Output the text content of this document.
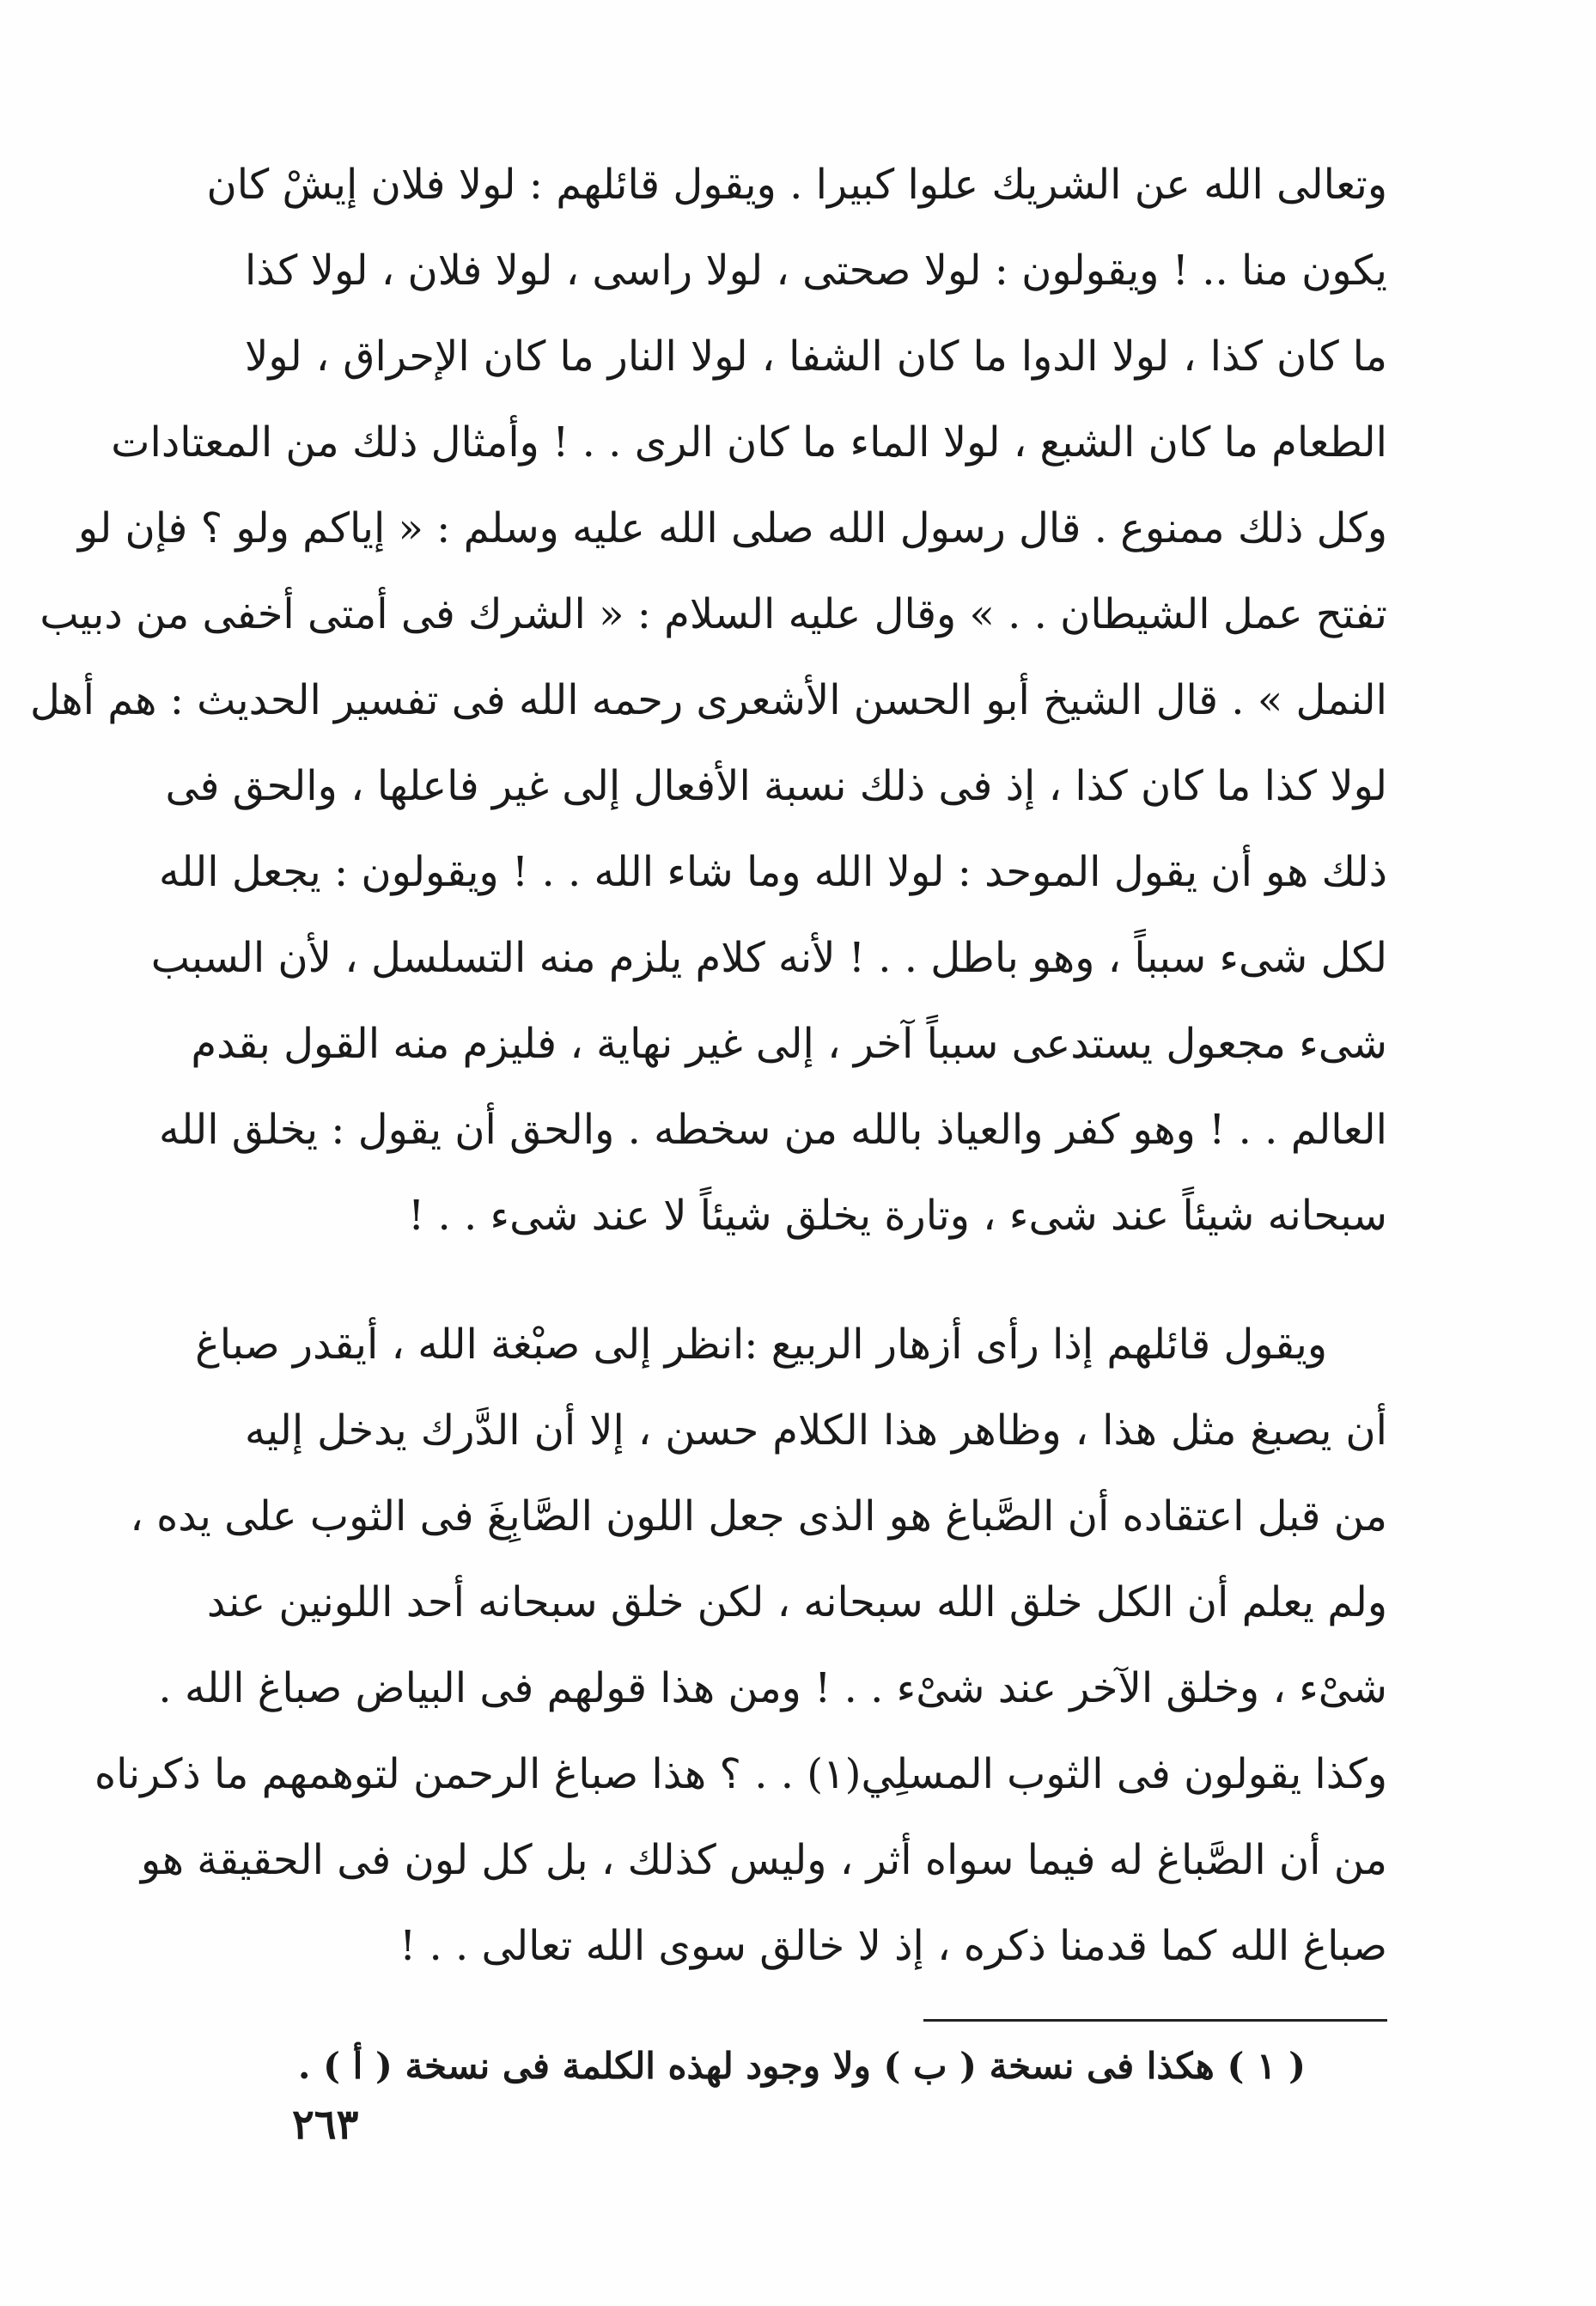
وتعالى الله عن الشريك علوا كبيرا . ويقول قائلهم : لولا فلان إيشْ كان
يكون منا .. ! ويقولون : لولا صحتى ، لولا راسى ، لولا فلان ، لولا كذا
ما كان كذا ، لولا الدوا ما كان الشفا ، لولا النار ما كان الإحراق ، لولا
الطعام ما كان الشبع ، لولا الماء ما كان الرى . . ! وأمثال ذلك من المعتادات
وكل ذلك ممنوع . قال رسول الله صلى الله عليه وسلم : « إياكم ولو ؟ فإن لو
تفتح عمل الشيطان . . » وقال عليه السلام : « الشرك فى أمتى أخفى من دبيب
النمل » . قال الشيخ أبو الحسن الأشعرى رحمه الله فى تفسير الحديث : هم أهل
لولا كذا ما كان كذا ، إذ فى ذلك نسبة الأفعال إلى غير فاعلها ، والحق فى
ذلك هو أن يقول الموحد : لولا الله وما شاء الله . . ! ويقولون : يجعل الله
لكل شىء سبباً ، وهو باطل . . ! لأنه كلام يلزم منه التسلسل ، لأن السبب
شىء مجعول يستدعى سبباً آخر ، إلى غير نهاية ، فليزم منه القول بقدم
العالم . . ! وهو كفر والعياذ بالله من سخطه . والحق أن يقول : يخلق الله
سبحانه شيئاً عند شىء ، وتارة يخلق شيئاً لا عند شىء . . !
ويقول قائلهم إذا رأى أزهار الربيع :انظر إلى صبْغة الله ، أيقدر صباغ
أن يصبغ مثل هذا ، وظاهر هذا الكلام حسن ، إلا أن الدَّرك يدخل إليه
من قبل اعتقاده أن الصَّباغ هو الذى جعل اللون الصَّابِغَ فى الثوب على يده ،
ولم يعلم أن الكل خلق الله سبحانه ، لكن خلق سبحانه أحد اللونين عند
شىْء ، وخلق الآخر عند شىْء . . ! ومن هذا قولهم فى البياض صباغ الله .
وكذا يقولون فى الثوب المسلِي(١) . . ؟ هذا صباغ الرحمن لتوهمهم ما ذكرناه
من أن الصَّباغ له فيما سواه أثر ، وليس كذلك ، بل كل لون فى الحقيقة هو
صباغ الله كما قدمنا ذكره ، إذ لا خالق سوى الله تعالى . . !
( ١ ) هكذا فى نسخة ( ب ) ولا وجود لهذه الكلمة فى نسخة ( أ ) .
٢٦٣
